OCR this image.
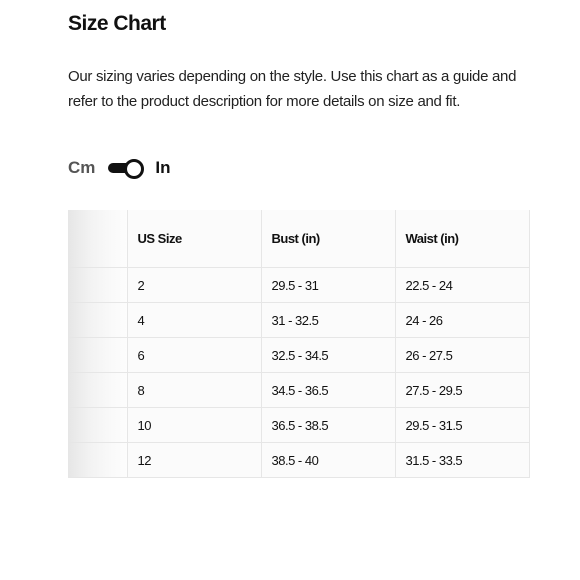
Size Chart

Our sizing varies depending on the style. Use this chart as a guide and refer to the product description for more details on size and fit.

Cm	In
	US Size	Bust (in)	Waist (in)
	2	29.5 - 31	22.5 - 24
	4	31 - 32.5	24 - 26
	6	32.5 - 34.5	26 - 27.5
	8	34.5 - 36.5	27.5 - 29.5
	10	36.5 - 38.5	29.5 - 31.5
	12	38.5 - 40	31.5 - 33.5
